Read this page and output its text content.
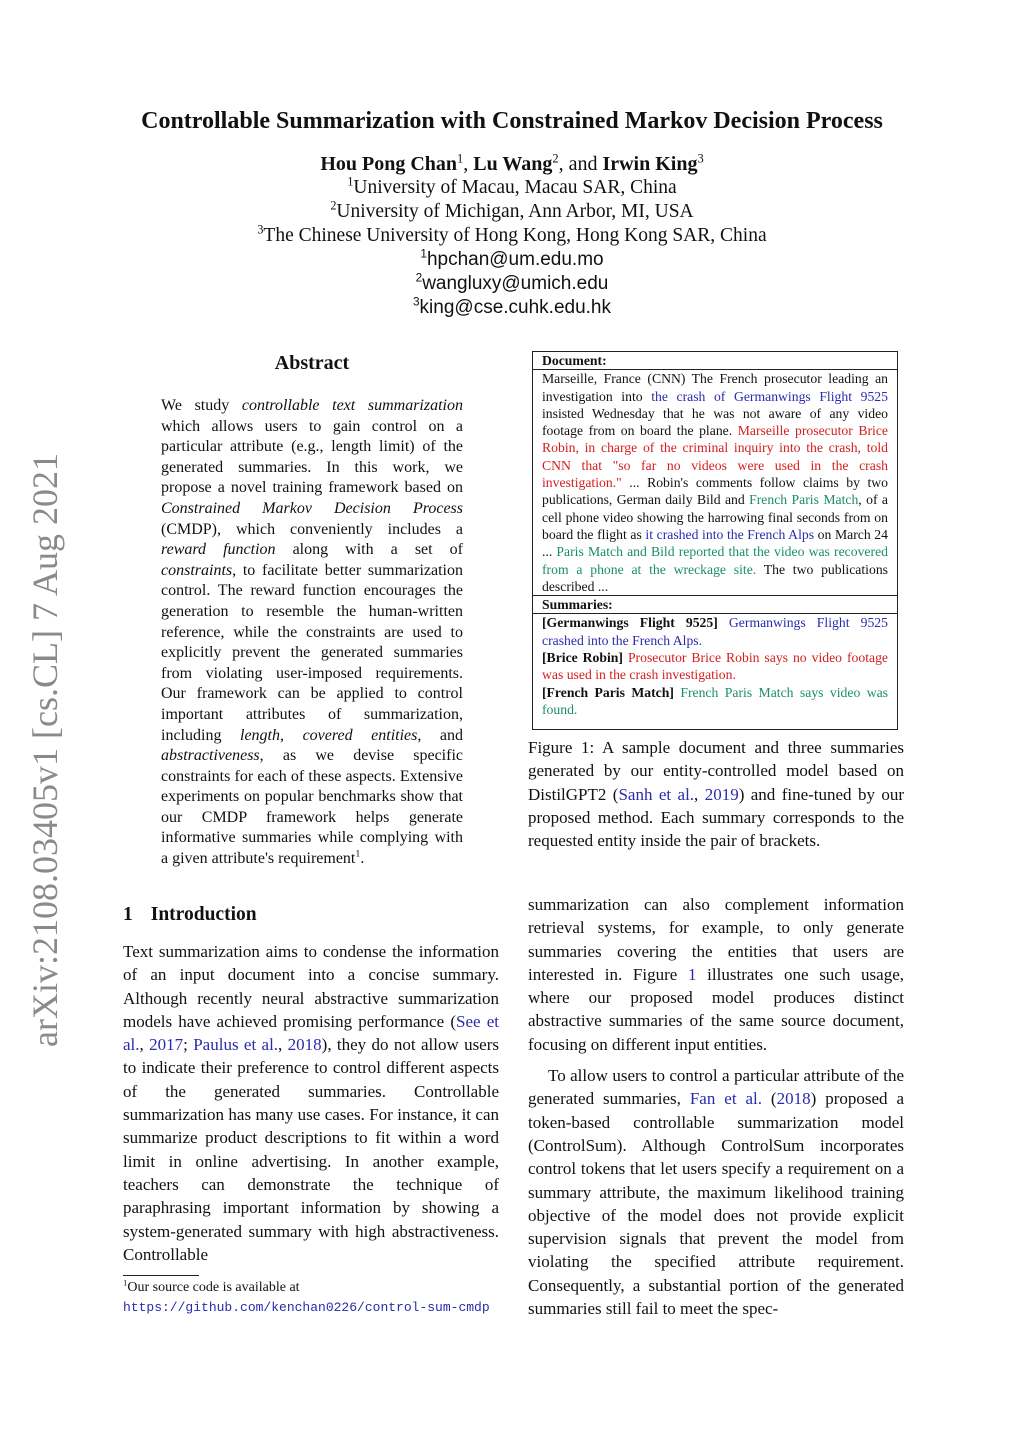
arXiv:2108.03405v1 [cs.CL] 7 Aug 2021
Controllable Summarization with Constrained Markov Decision Process
Hou Pong Chan$^1$, Lu Wang$^2$, and Irwin King$^3$
$^1$University of Macau, Macau SAR, China
$^2$University of Michigan, Ann Arbor, MI, USA
$^3$The Chinese University of Hong Kong, Hong Kong SAR, China
$^1$hpchan@um.edu.mo
$^2$wangluxy@umich.edu
$^3$king@cse.cuhk.edu.hk
Abstract
We study controllable text summarization which allows users to gain control on a particular attribute (e.g., length limit) of the generated summaries. In this work, we propose a novel training framework based on Constrained Markov Decision Process (CMDP), which conveniently includes a reward function along with a set of constraints, to facilitate better summarization control. The reward function encourages the generation to resemble the human-written reference, while the constraints are used to explicitly prevent the generated summaries from violating user-imposed requirements. Our framework can be applied to control important attributes of summarization, including length, covered entities, and abstractiveness, as we devise specific constraints for each of these aspects. Extensive experiments on popular benchmarks show that our CMDP framework helps generate informative summaries while complying with a given attribute's requirement$^1$.
1 Introduction
Text summarization aims to condense the information of an input document into a concise summary. Although recently neural abstractive summarization models have achieved promising performance (See et al., 2017; Paulus et al., 2018), they do not allow users to indicate their preference to control different aspects of the generated summaries. Controllable summarization has many use cases. For instance, it can summarize product descriptions to fit within a word limit in online advertising. In another example, teachers can demonstrate the technique of paraphrasing important information by showing a system-generated summary with high abstractiveness. Controllable
$^1$Our source code is available at https://github.com/kenchan0226/control-sum-cmdp
Document:
Marseille, France (CNN) The French prosecutor leading an investigation into the crash of Germanwings Flight 9525 insisted Wednesday that he was not aware of any video footage from on board the plane. Marseille prosecutor Brice Robin, in charge of the criminal inquiry into the crash, told CNN that "so far no videos were used in the crash investigation." ... Robin's comments follow claims by two publications, German daily Bild and French Paris Match, of a cell phone video showing the harrowing final seconds from on board the flight as it crashed into the French Alps on March 24 ... Paris Match and Bild reported that the video was recovered from a phone at the wreckage site. The two publications described ...
Summaries:
[Germanwings Flight 9525] Germanwings Flight 9525 crashed into the French Alps.
[Brice Robin] Prosecutor Brice Robin says no video footage was used in the crash investigation.
[French Paris Match] French Paris Match says video was found.
Figure 1: A sample document and three summaries generated by our entity-controlled model based on DistilGPT2 (Sanh et al., 2019) and fine-tuned by our proposed method. Each summary corresponds to the requested entity inside the pair of brackets.

summarization can also complement information retrieval systems, for example, to only generate summaries covering the entities that users are interested in. Figure 1 illustrates one such usage, where our proposed model produces distinct abstractive summaries of the same source document, focusing on different input entities.

To allow users to control a particular attribute of the generated summaries, Fan et al. (2018) proposed a token-based controllable summarization model (ControlSum). Although ControlSum incorporates control tokens that let users specify a requirement on a summary attribute, the maximum likelihood training objective of the model does not provide explicit supervision signals that prevent the model from violating the specified attribute requirement. Consequently, a substantial portion of the generated summaries still fail to meet the spec-
